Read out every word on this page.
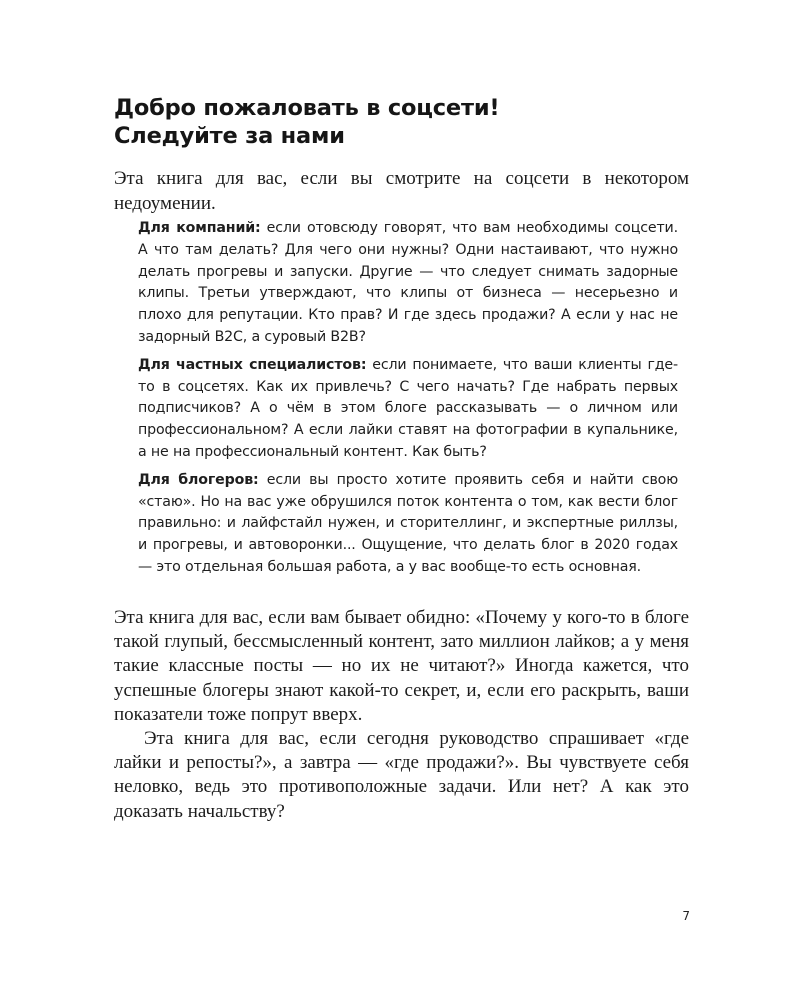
Добро пожаловать в соцсети!
Следуйте за нами

Эта книга для вас, если вы смотрите на соцсети в некотором недоумении.

Для компаний: если отовсюду говорят, что вам необходимы соцсети. А что там делать? Для чего они нужны? Одни настаивают, что нужно делать прогревы и запуски. Другие — что следует снимать задорные клипы. Третьи утверждают, что клипы от бизнеса — несерьезно и плохо для репутации. Кто прав? И где здесь продажи? А если у нас не задорный B2C, а суровый B2B?

Для частных специалистов: если понимаете, что ваши клиенты где-то в соцсетях. Как их привлечь? С чего начать? Где набрать первых подписчиков? А о чём в этом блоге рассказывать — о личном или профессиональном? А если лайки ставят на фотографии в купальнике, а не на профессиональный контент. Как быть?

Для блогеров: если вы просто хотите проявить себя и найти свою «стаю». Но на вас уже обрушился поток контента о том, как вести блог правильно: и лайфстайл нужен, и сторителлинг, и экспертные риллзы, и прогревы, и автоворонки... Ощущение, что делать блог в 2020 годах — это отдельная большая работа, а у вас вообще-то есть основная.

Эта книга для вас, если вам бывает обидно: «Почему у кого-то в блоге такой глупый, бессмысленный контент, зато миллион лайков; а у меня такие классные посты — но их не читают?» Иногда кажется, что успешные блогеры знают какой-то секрет, и, если его раскрыть, ваши показатели тоже попрут вверх.

Эта книга для вас, если сегодня руководство спрашивает «где лайки и репосты?», а завтра — «где продажи?». Вы чувствуете себя неловко, ведь это противоположные задачи. Или нет? А как это доказать начальству?

7
